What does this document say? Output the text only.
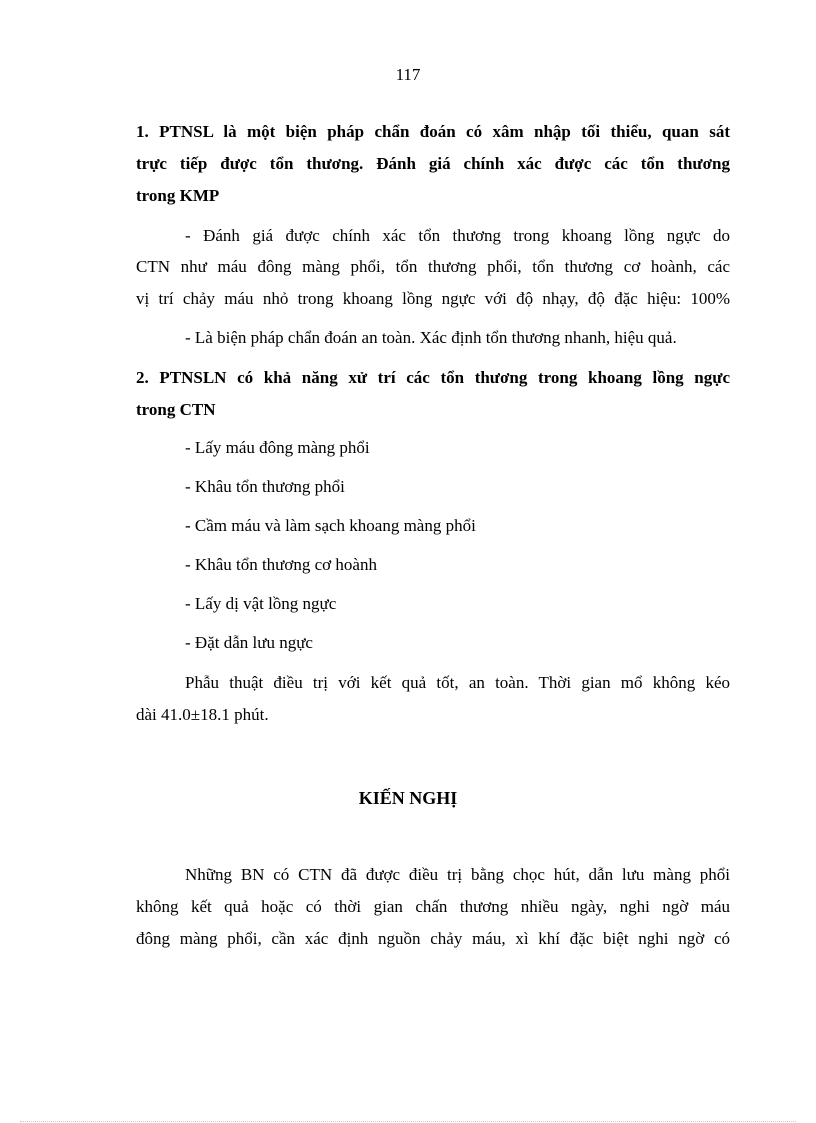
117
1. PTNSL là một biện pháp chẩn đoán có xâm nhập tối thiểu, quan sát
trực tiếp được tổn thương. Đánh giá chính xác được các tổn thương
trong KMP
- Đánh giá được chính xác tổn thương trong khoang lồng ngực do
CTN như máu đông màng phổi, tổn thương phổi, tổn thương cơ hoành, các
vị trí chảy máu nhỏ trong khoang lồng ngực với độ nhạy, độ đặc hiệu: 100%
- Là biện pháp chẩn đoán an toàn. Xác định tổn thương nhanh, hiệu quả.
2. PTNSLN có khả năng xử trí các tổn thương trong khoang lồng ngực
trong CTN
- Lấy máu đông màng phổi
- Khâu tổn thương phổi
- Cầm máu và làm sạch khoang màng phổi
- Khâu tổn thương cơ hoành
- Lấy dị vật lồng ngực
- Đặt dẫn lưu ngực
Phẫu thuật điều trị với kết quả tốt, an toàn. Thời gian mổ không kéo
dài 41.0±18.1 phút.
KIẾN NGHỊ
Những BN có CTN đã được điều trị bằng chọc hút, dẫn lưu màng phổi
không kết quả hoặc có thời gian chấn thương nhiều ngày, nghi ngờ máu
đông màng phổi, cần xác định nguồn chảy máu, xì khí đặc biệt nghi ngờ có
